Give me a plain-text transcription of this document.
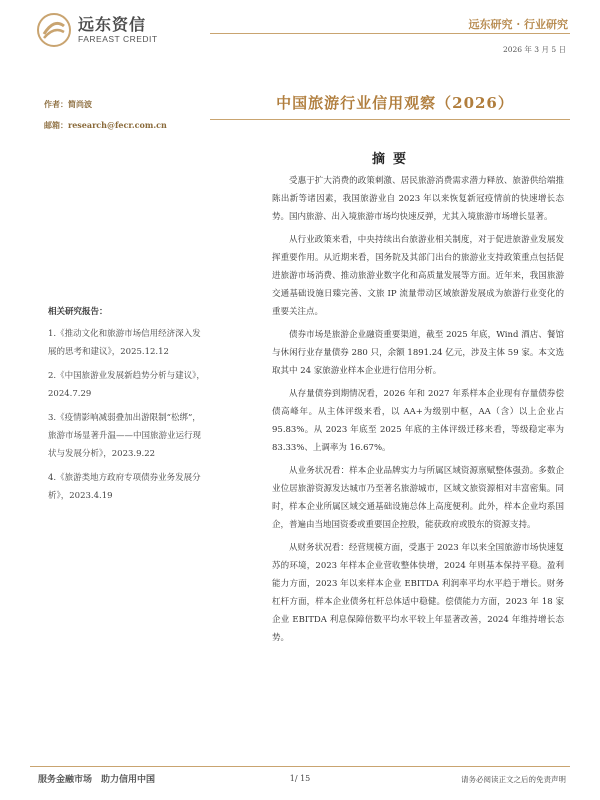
远东资信
FAREAST CREDIT
远东研究 · 行业研究
2026 年 3 月 5 日
作者：简尚波
邮箱：research@fecr.com.cn
中国旅游行业信用观察（2026）
摘要
相关研究报告：
1.《推动文化和旅游市场信用经济深入发展的思考和建议》，2025.12.12
2.《中国旅游业发展新趋势分析与建议》，2024.7.29
3.《疫情影响减弱叠加出游限制“松绑”，旅游市场显著升温——中国旅游业运行现状与发展分析》，2023.9.22
4.《旅游类地方政府专项债券业务发展分析》，2023.4.19

受惠于扩大消费的政策刺激、居民旅游消费需求潜力释放、旅游供给端推陈出新等诸因素，我国旅游业自 2023 年以来恢复新冠疫情前的快速增长态势。国内旅游、出入境旅游市场均快速反弹，尤其入境旅游市场增长显著。

从行业政策来看，中央持续出台旅游业相关制度，对于促进旅游业发展发挥重要作用。从近期来看，国务院及其部门出台的旅游业支持政策重点包括促进旅游市场消费、推动旅游业数字化和高质量发展等方面。近年来，我国旅游交通基础设施日臻完善、文旅 IP 流量带动区域旅游发展成为旅游行业变化的重要关注点。

债券市场是旅游企业融资重要渠道，截至 2025 年底，Wind 酒店、餐馆与休闲行业存量债券 280 只，余额 1891.24 亿元，涉及主体 59 家。本文选取其中 24 家旅游业样本企业进行信用分析。

从存量债券到期情况看，2026 年和 2027 年系样本企业现有存量债券偿债高峰年。从主体评级来看，以 AA+为级别中枢，AA（含）以上企业占 95.83%。从 2023 年底至 2025 年底的主体评级迁移来看，等级稳定率为 83.33%、上调率为 16.67%。

从业务状况看：样本企业品牌实力与所属区域资源禀赋整体强劲。多数企业位居旅游资源发达城市乃至著名旅游城市，区域文旅资源相对丰富密集。同时，样本企业所属区域交通基础设施总体上高度便利。此外，样本企业均系国企，普遍由当地国资委或重要国企控股，能获政府或股东的资源支持。

从财务状况看：经营规模方面，受惠于 2023 年以来全国旅游市场快速复苏的环境，2023 年样本企业营收整体快增，2024 年则基本保持平稳。盈利能力方面，2023 年以来样本企业 EBITDA 利润率平均水平趋于增长。财务杠杆方面，样本企业债务杠杆总体适中稳健。偿债能力方面，2023 年 18 家企业 EBITDA 利息保障倍数平均水平较上年显著改善，2024 年维持增长态势。

服务金融市场　助力信用中国	1/ 15	请务必阅读正文之后的免责声明
